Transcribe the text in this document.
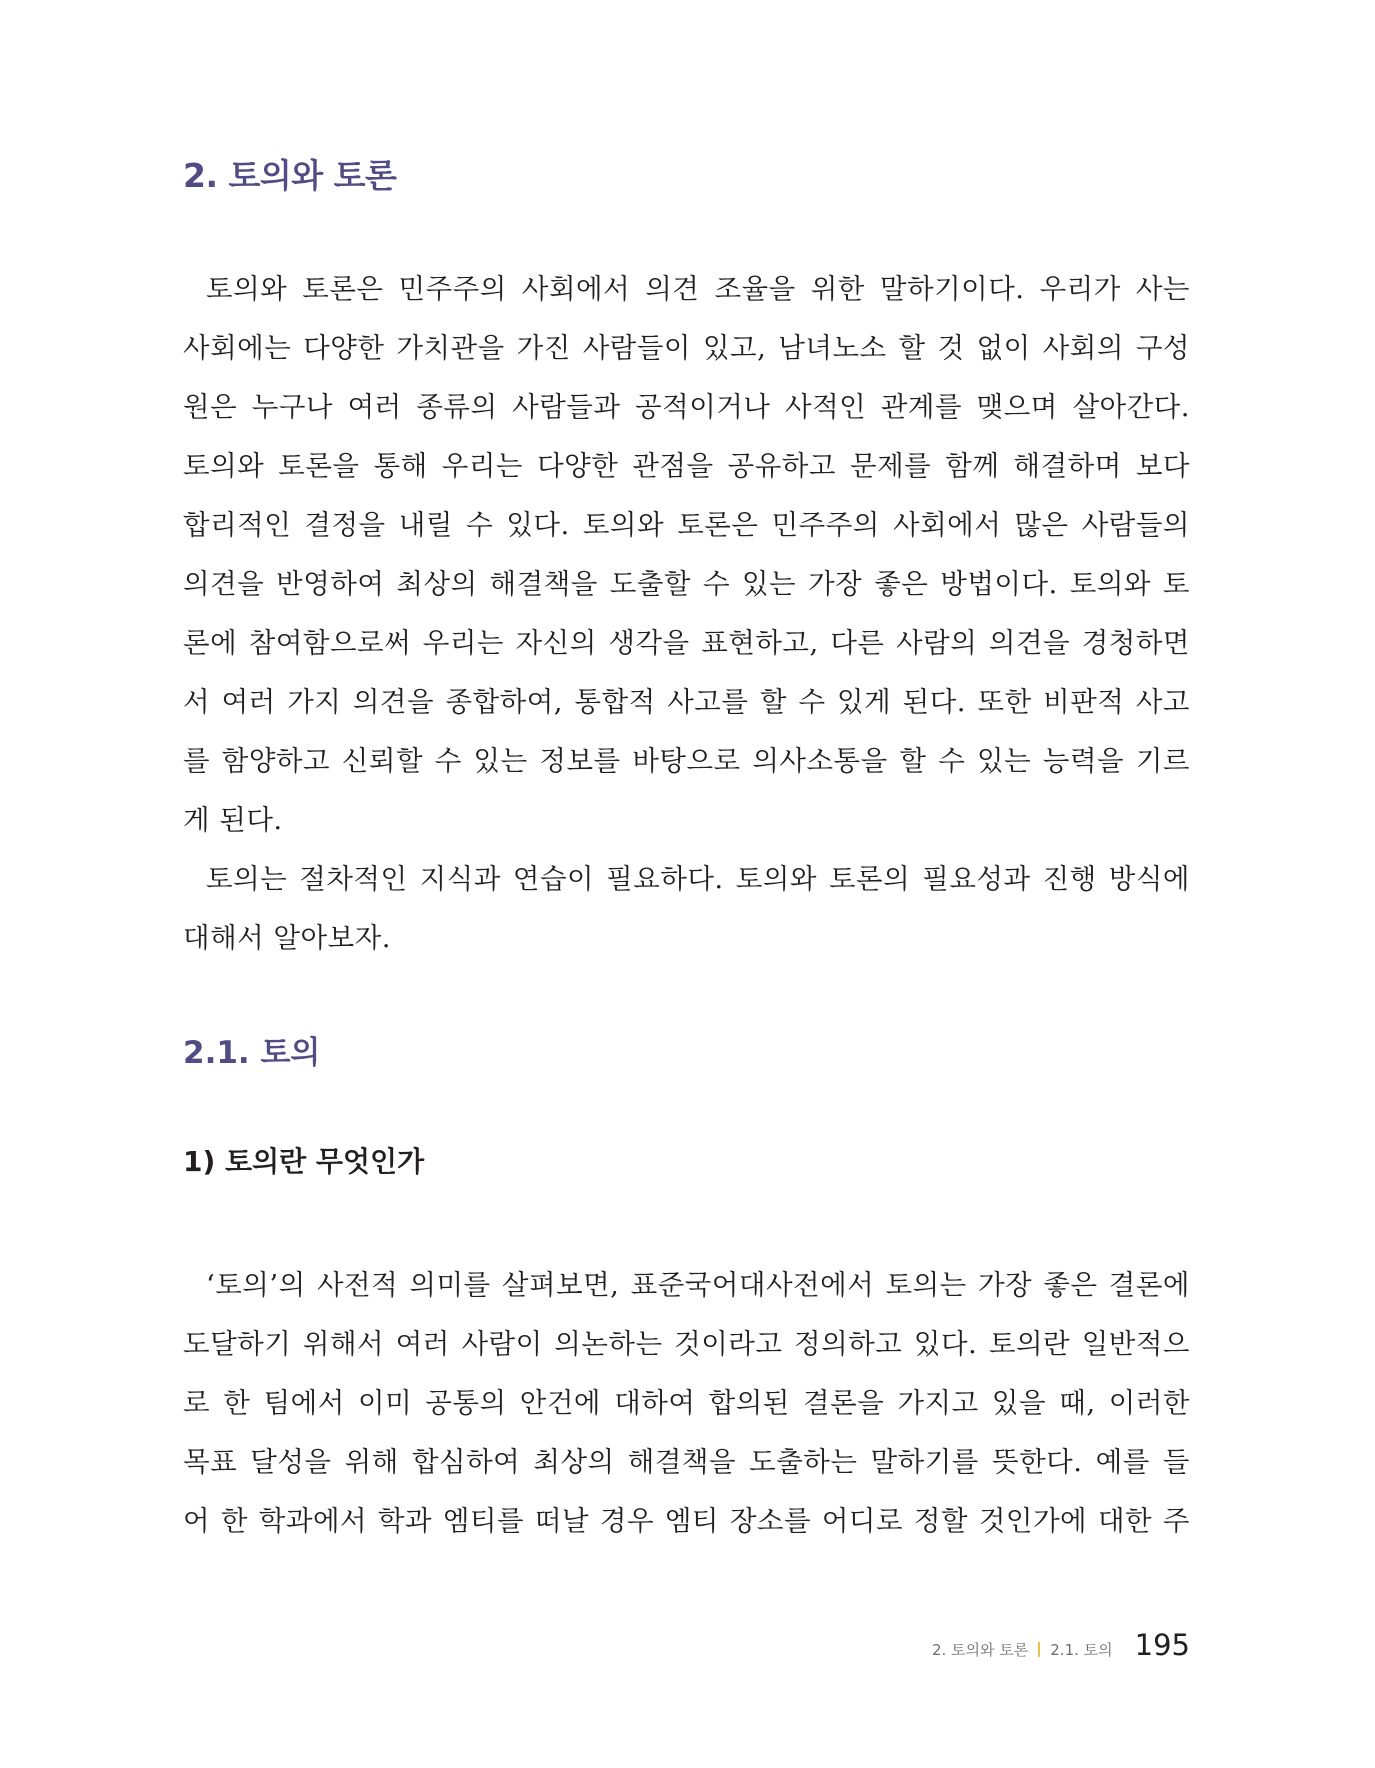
2. 토의와 토론
토의와 토론은 민주주의 사회에서 의견 조율을 위한 말하기이다. 우리가 사는
사회에는 다양한 가치관을 가진 사람들이 있고, 남녀노소 할 것 없이 사회의 구성
원은 누구나 여러 종류의 사람들과 공적이거나 사적인 관계를 맺으며 살아간다.
토의와 토론을 통해 우리는 다양한 관점을 공유하고 문제를 함께 해결하며 보다
합리적인 결정을 내릴 수 있다. 토의와 토론은 민주주의 사회에서 많은 사람들의
의견을 반영하여 최상의 해결책을 도출할 수 있는 가장 좋은 방법이다. 토의와 토
론에 참여함으로써 우리는 자신의 생각을 표현하고, 다른 사람의 의견을 경청하면
서 여러 가지 의견을 종합하여, 통합적 사고를 할 수 있게 된다. 또한 비판적 사고
를 함양하고 신뢰할 수 있는 정보를 바탕으로 의사소통을 할 수 있는 능력을 기르
게 된다.
토의는 절차적인 지식과 연습이 필요하다. 토의와 토론의 필요성과 진행 방식에
대해서 알아보자.
2.1. 토의
1) 토의란 무엇인가
‘토의’의 사전적 의미를 살펴보면, 표준국어대사전에서 토의는 가장 좋은 결론에
도달하기 위해서 여러 사람이 의논하는 것이라고 정의하고 있다. 토의란 일반적으
로 한 팀에서 이미 공통의 안건에 대하여 합의된 결론을 가지고 있을 때, 이러한
목표 달성을 위해 합심하여 최상의 해결책을 도출하는 말하기를 뜻한다. 예를 들
어 한 학과에서 학과 엠티를 떠날 경우 엠티 장소를 어디로 정할 것인가에 대한 주
2. 토의와 토론 2.1. 토의 195
